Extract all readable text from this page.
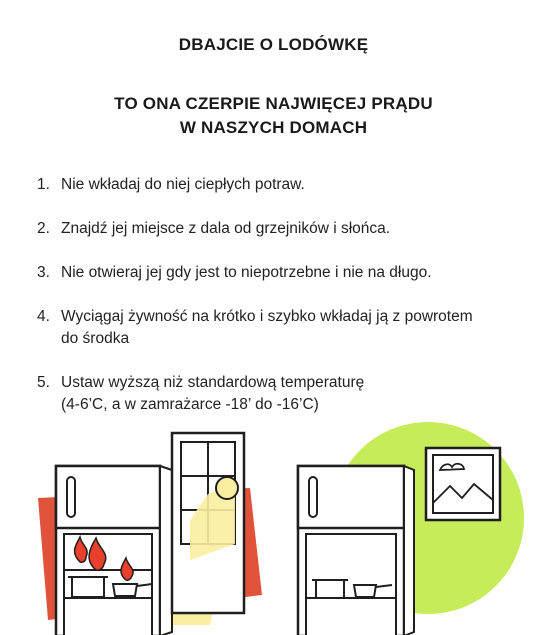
DBAJCIE O LODÓWKĘ
TO ONA CZERPIE NAJWIĘCEJ PRĄDU
W NASZYCH DOMACH
1. Nie wkładaj do niej ciepłych potraw.
2. Znajdź jej miejsce z dala od grzejników i słońca.
3. Nie otwieraj jej gdy jest to niepotrzebne i nie na długo.
4. Wyciągaj żywność na krótko i szybko wkładaj ją z powrotem
do środka
5. Ustaw wyższą niż standardową temperaturę
(4-6’C, a w zamrażarce -18’ do -16’C)
